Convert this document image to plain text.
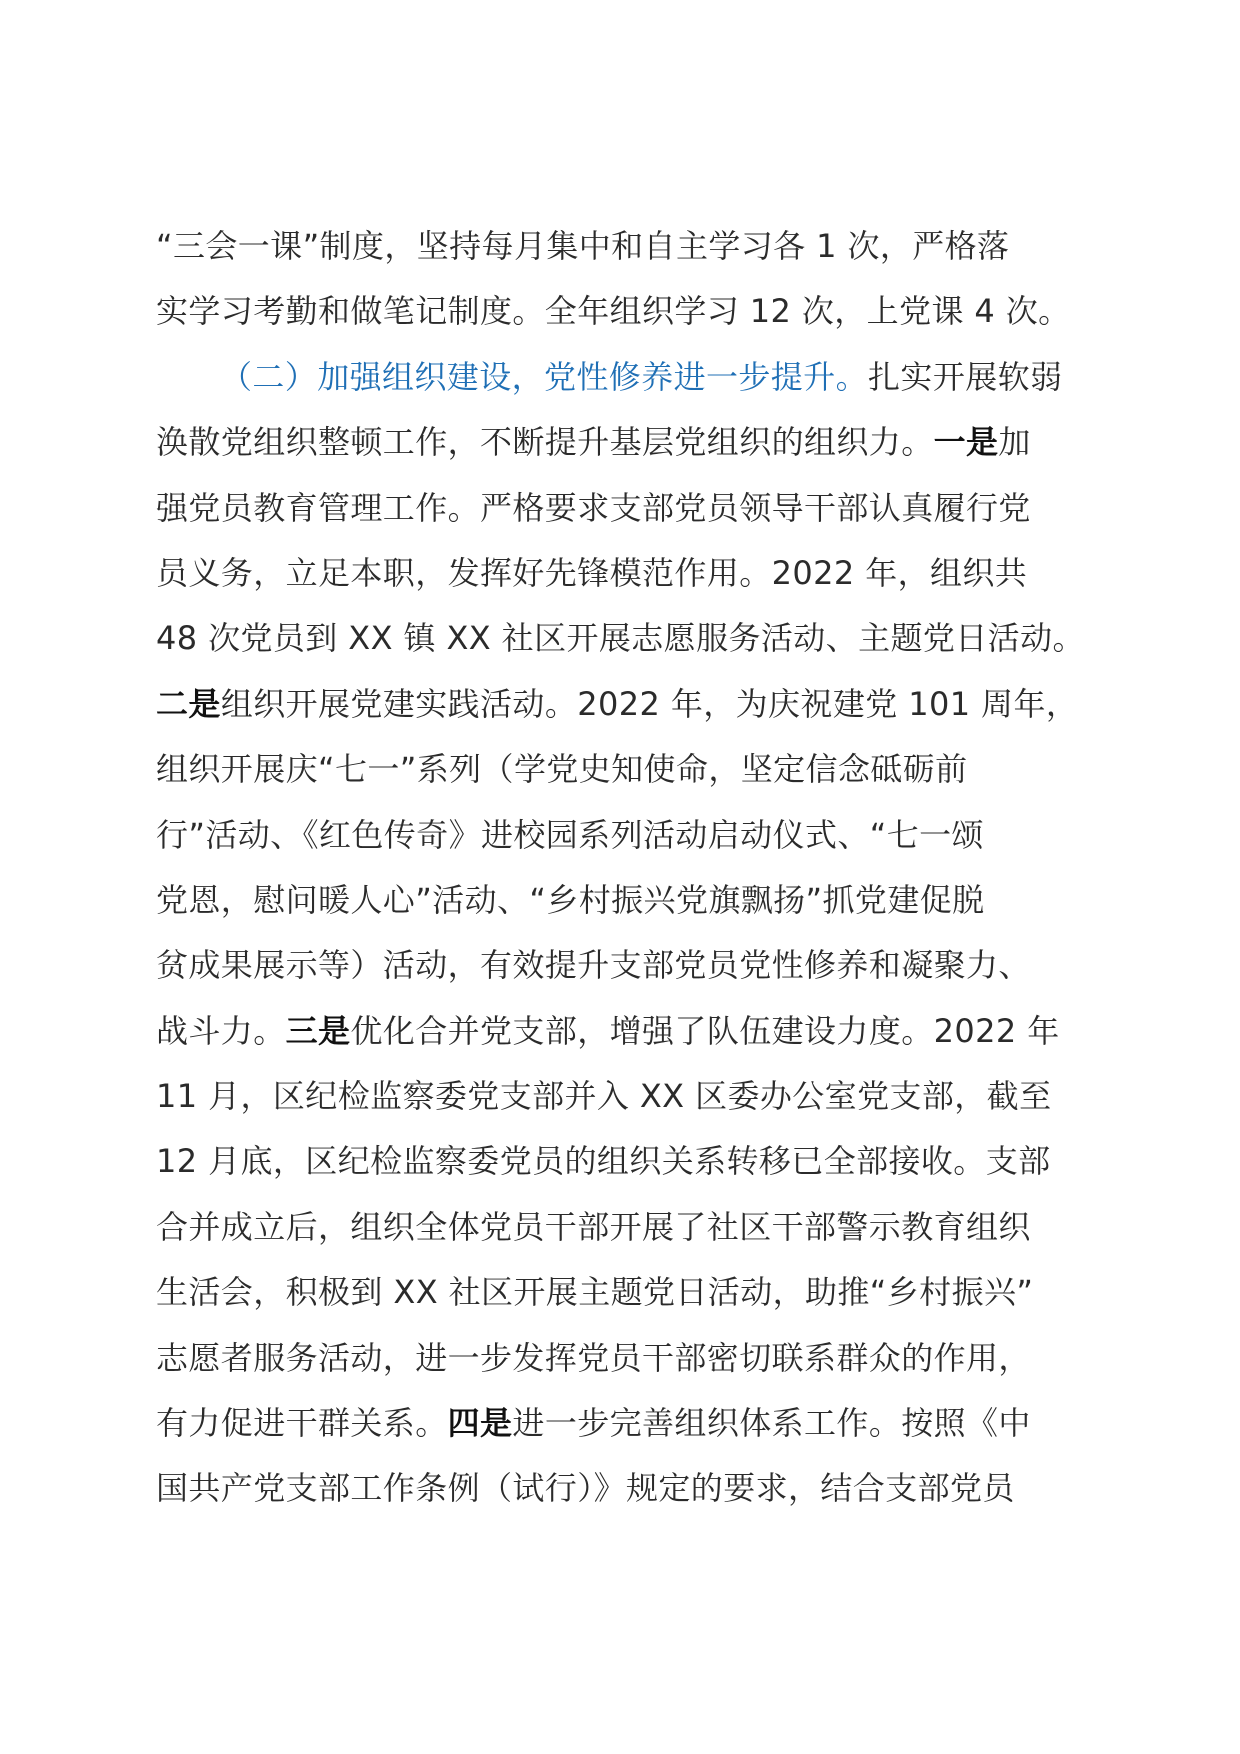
“三会一课”制度，坚持每月集中和自主学习各 1 次，严格落
实学习考勤和做笔记制度。全年组织学习 12 次，上党课 4 次。
（二）加强组织建设，党性修养进一步提升。扎实开展软弱
涣散党组织整顿工作，不断提升基层党组织的组织力。一是加
强党员教育管理工作。严格要求支部党员领导干部认真履行党
员义务，立足本职，发挥好先锋模范作用。2022 年，组织共
48 次党员到 XX 镇 XX 社区开展志愿服务活动、主题党日活动。
二是组织开展党建实践活动。2022 年，为庆祝建党 101 周年，
组织开展庆“七一”系列（学党史知使命，坚定信念砥砺前
行”活动、《红色传奇》进校园系列活动启动仪式、“七一颂
党恩，慰问暖人心”活动、“乡村振兴党旗飘扬”抓党建促脱
贫成果展示等）活动，有效提升支部党员党性修养和凝聚力、
战斗力。三是优化合并党支部，增强了队伍建设力度。2022 年
11 月，区纪检监察委党支部并入 XX 区委办公室党支部，截至
12 月底，区纪检监察委党员的组织关系转移已全部接收。支部
合并成立后，组织全体党员干部开展了社区干部警示教育组织
生活会，积极到 XX 社区开展主题党日活动，助推“乡村振兴”
志愿者服务活动，进一步发挥党员干部密切联系群众的作用，
有力促进干群关系。四是进一步完善组织体系工作。按照《中
国共产党支部工作条例（试行）》规定的要求，结合支部党员
